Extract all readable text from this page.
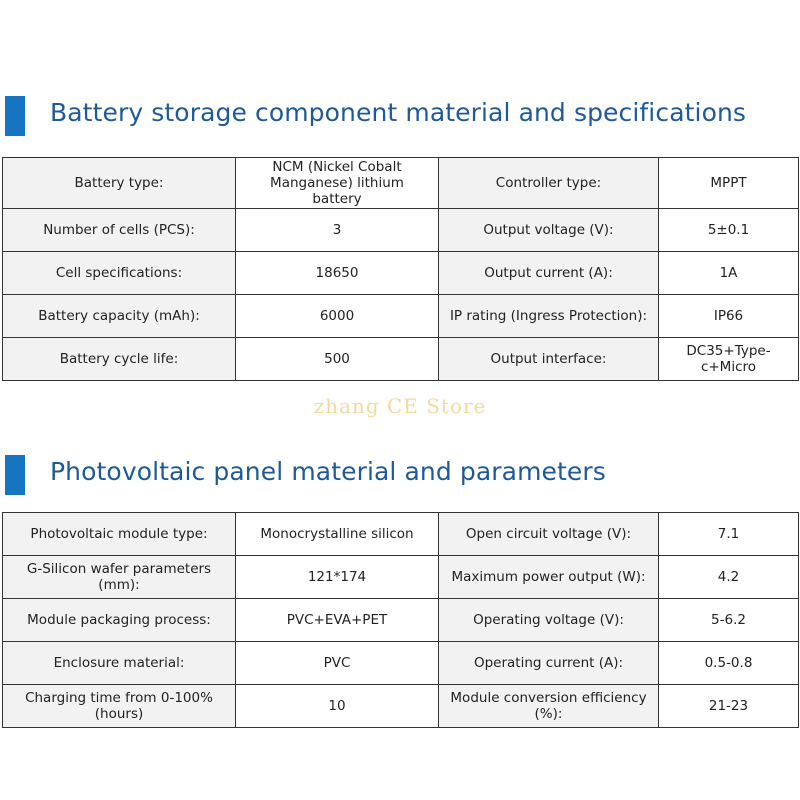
Battery storage component material and specifications
Battery type:	NCM (Nickel Cobalt Manganese) lithium battery	Controller type:	MPPT
Number of cells (PCS):	3	Output voltage (V):	5±0.1
Cell specifications:	18650	Output current (A):	1A
Battery capacity (mAh):	6000	IP rating (Ingress Protection):	IP66
Battery cycle life:	500	Output interface:	DC35+Type-c+Micro
zhang CE Store
Photovoltaic panel material and parameters
Photovoltaic module type:	Monocrystalline silicon	Open circuit voltage (V):	7.1
G-Silicon wafer parameters (mm):	121*174	Maximum power output (W):	4.2
Module packaging process:	PVC+EVA+PET	Operating voltage (V):	5-6.2
Enclosure material:	PVC	Operating current (A):	0.5-0.8
Charging time from 0-100% (hours)	10	Module conversion efficiency (%):	21-23
